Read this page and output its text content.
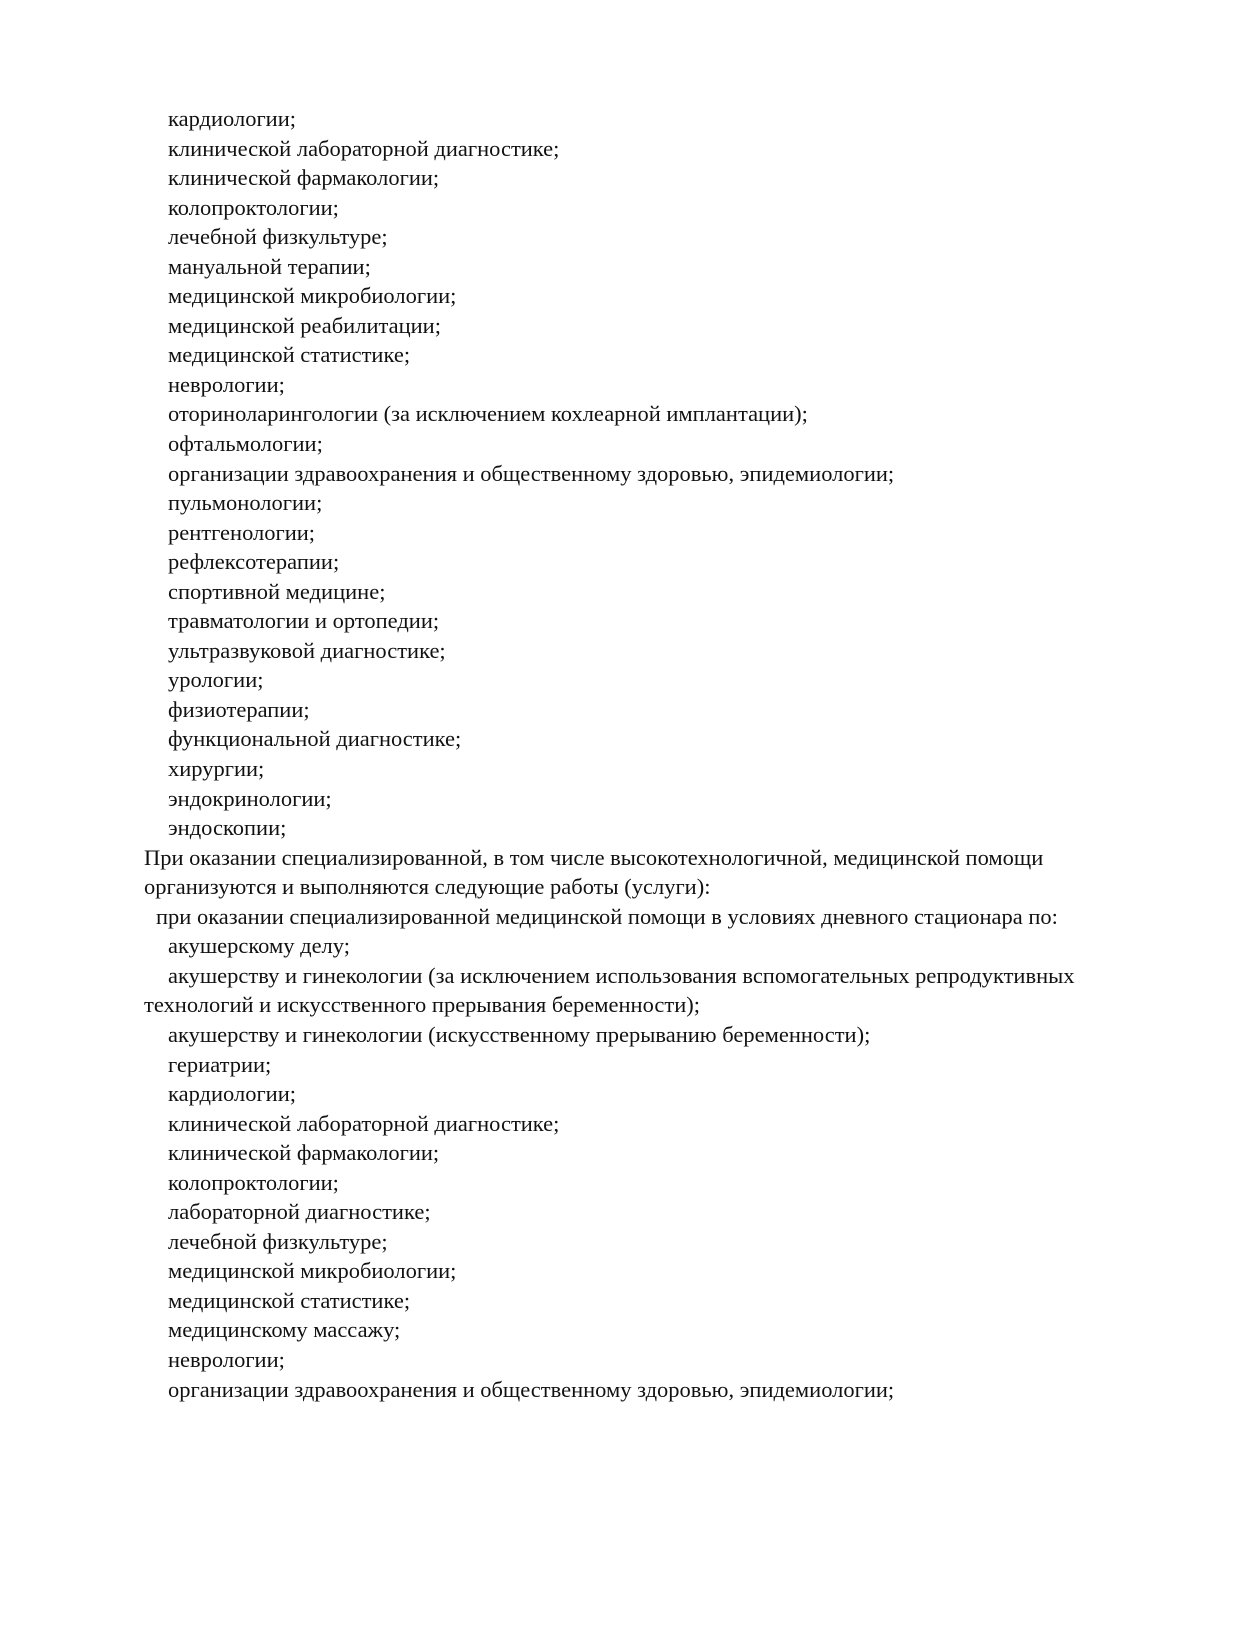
кардиологии;
клинической лабораторной диагностике;
клинической фармакологии;
колопроктологии;
лечебной физкультуре;
мануальной терапии;
медицинской микробиологии;
медицинской реабилитации;
медицинской статистике;
неврологии;
оториноларингологии (за исключением кохлеарной имплантации);
офтальмологии;
организации здравоохранения и общественному здоровью, эпидемиологии;
пульмонологии;
рентгенологии;
рефлексотерапии;
спортивной медицине;
травматологии и ортопедии;
ультразвуковой диагностике;
урологии;
физиотерапии;
функциональной диагностике;
хирургии;
эндокринологии;
эндоскопии;

При оказании специализированной, в том числе высокотехнологичной, медицинской помощи организуются и выполняются следующие работы (услуги):

при оказании специализированной медицинской помощи в условиях дневного стационара по:
акушерскому делу;

акушерству и гинекологии (за исключением использования вспомогательных репродуктивных технологий и искусственного прерывания беременности);

акушерству и гинекологии (искусственному прерыванию беременности);
гериатрии;
кардиологии;
клинической лабораторной диагностике;
клинической фармакологии;
колопроктологии;
лабораторной диагностике;
лечебной физкультуре;
медицинской микробиологии;
медицинской статистике;
медицинскому массажу;
неврологии;
организации здравоохранения и общественному здоровью, эпидемиологии;
